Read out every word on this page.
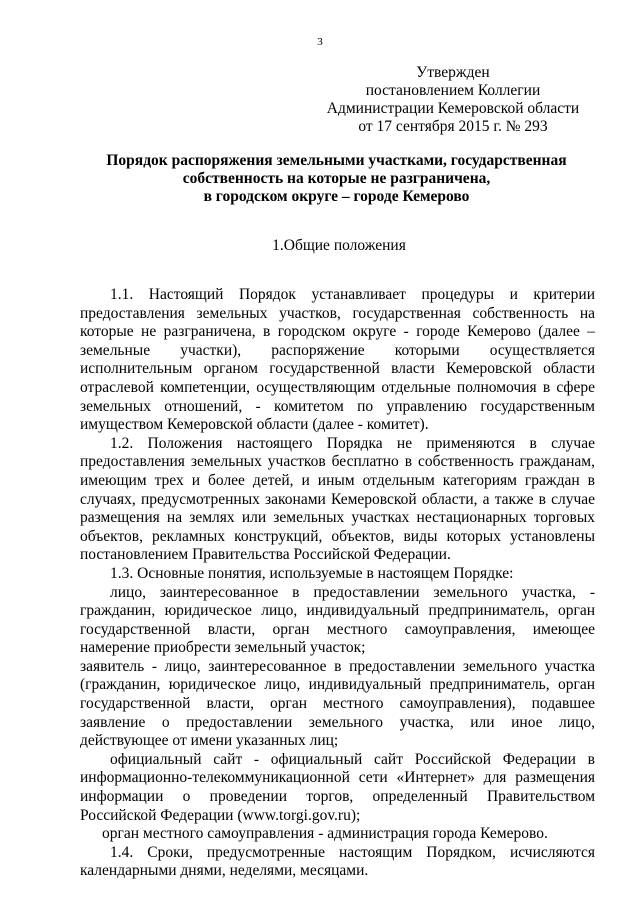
3
Утвержден
постановлением Коллегии
Администрации Кемеровской области
от 17 сентября 2015 г. № 293
Порядок распоряжения земельными участками, государственная
собственность на которые не разграничена,
в городском округе – городе Кемерово
1.Общие положения

1.1. Настоящий Порядок устанавливает процедуры и критерии предоставления земельных участков, государственная собственность на которые не разграничена, в городском округе - городе Кемерово (далее – земельные участки), распоряжение которыми осуществляется исполнительным органом государственной власти Кемеровской области отраслевой компетенции, осуществляющим отдельные полномочия в сфере земельных отношений, - комитетом по управлению государственным имуществом Кемеровской области (далее - комитет).

1.2. Положения настоящего Порядка не применяются в случае предоставления земельных участков бесплатно в собственность гражданам, имеющим трех и более детей, и иным отдельным категориям граждан в случаях, предусмотренных законами Кемеровской области, а также в случае размещения на землях или земельных участках нестационарных торговых объектов, рекламных конструкций, объектов, виды которых установлены постановлением Правительства Российской Федерации.

1.3. Основные понятия, используемые в настоящем Порядке:

лицо, заинтересованное в предоставлении земельного участка, - гражданин, юридическое лицо, индивидуальный предприниматель, орган государственной власти, орган местного самоуправления, имеющее намерение приобрести земельный участок;

заявитель - лицо, заинтересованное в предоставлении земельного участка (гражданин, юридическое лицо, индивидуальный предприниматель, орган государственной власти, орган местного самоуправления), подавшее заявление о предоставлении земельного участка, или иное лицо, действующее от имени указанных лиц;

официальный сайт - официальный сайт Российской Федерации в информационно-телекоммуникационной сети «Интернет» для размещения информации о проведении торгов, определенный Правительством Российской Федерации (www.torgi.gov.ru);

орган местного самоуправления - администрация города Кемерово.

1.4. Сроки, предусмотренные настоящим Порядком, исчисляются календарными днями, неделями, месяцами.
